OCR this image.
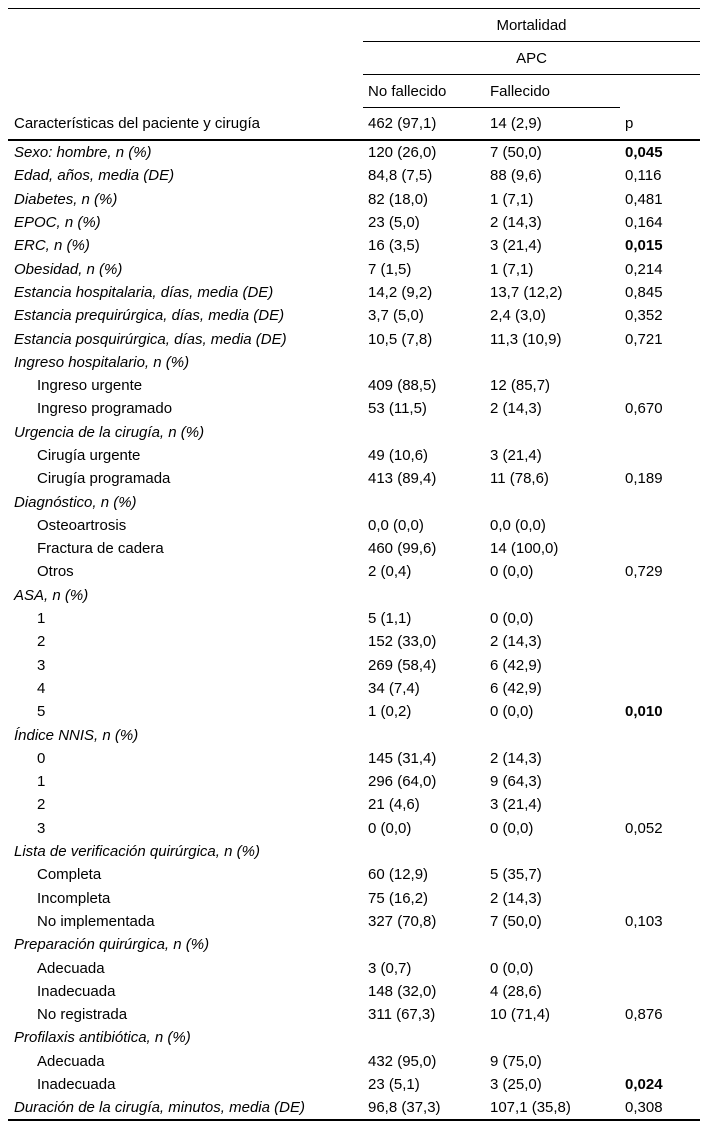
Mortalidad
APC
No fallecido	Fallecido
Características del paciente y cirugía	462 (97,1)	14 (2,9)	p
Sexo: hombre, n (%)	120 (26,0)	7 (50,0)	0,045
Edad, años, media (DE)	84,8 (7,5)	88 (9,6)	0,116
Diabetes, n (%)	82 (18,0)	1 (7,1)	0,481
EPOC, n (%)	23 (5,0)	2 (14,3)	0,164
ERC, n (%)	16 (3,5)	3 (21,4)	0,015
Obesidad, n (%)	7 (1,5)	1 (7,1)	0,214
Estancia hospitalaria, días, media (DE)	14,2 (9,2)	13,7 (12,2)	0,845
Estancia prequirúrgica, días, media (DE)	3,7 (5,0)	2,4 (3,0)	0,352
Estancia posquirúrgica, días, media (DE)	10,5 (7,8)	11,3 (10,9)	0,721
Ingreso hospitalario, n (%)
Ingreso urgente	409 (88,5)	12 (85,7)
Ingreso programado	53 (11,5)	2 (14,3)	0,670
Urgencia de la cirugía, n (%)
Cirugía urgente	49 (10,6)	3 (21,4)
Cirugía programada	413 (89,4)	11 (78,6)	0,189
Diagnóstico, n (%)
Osteoartrosis	0,0 (0,0)	0,0 (0,0)
Fractura de cadera	460 (99,6)	14 (100,0)
Otros	2 (0,4)	0 (0,0)	0,729
ASA, n (%)
1	5 (1,1)	0 (0,0)
2	152 (33,0)	2 (14,3)
3	269 (58,4)	6 (42,9)
4	34 (7,4)	6 (42,9)
5	1 (0,2)	0 (0,0)	0,010
Índice NNIS, n (%)
0	145 (31,4)	2 (14,3)
1	296 (64,0)	9 (64,3)
2	21 (4,6)	3 (21,4)
3	0 (0,0)	0 (0,0)	0,052
Lista de verificación quirúrgica, n (%)
Completa	60 (12,9)	5 (35,7)
Incompleta	75 (16,2)	2 (14,3)
No implementada	327 (70,8)	7 (50,0)	0,103
Preparación quirúrgica, n (%)
Adecuada	3 (0,7)	0 (0,0)
Inadecuada	148 (32,0)	4 (28,6)
No registrada	311 (67,3)	10 (71,4)	0,876
Profilaxis antibiótica, n (%)
Adecuada	432 (95,0)	9 (75,0)
Inadecuada	23 (5,1)	3 (25,0)	0,024
Duración de la cirugía, minutos, media (DE)	96,8 (37,3)	107,1 (35,8)	0,308
